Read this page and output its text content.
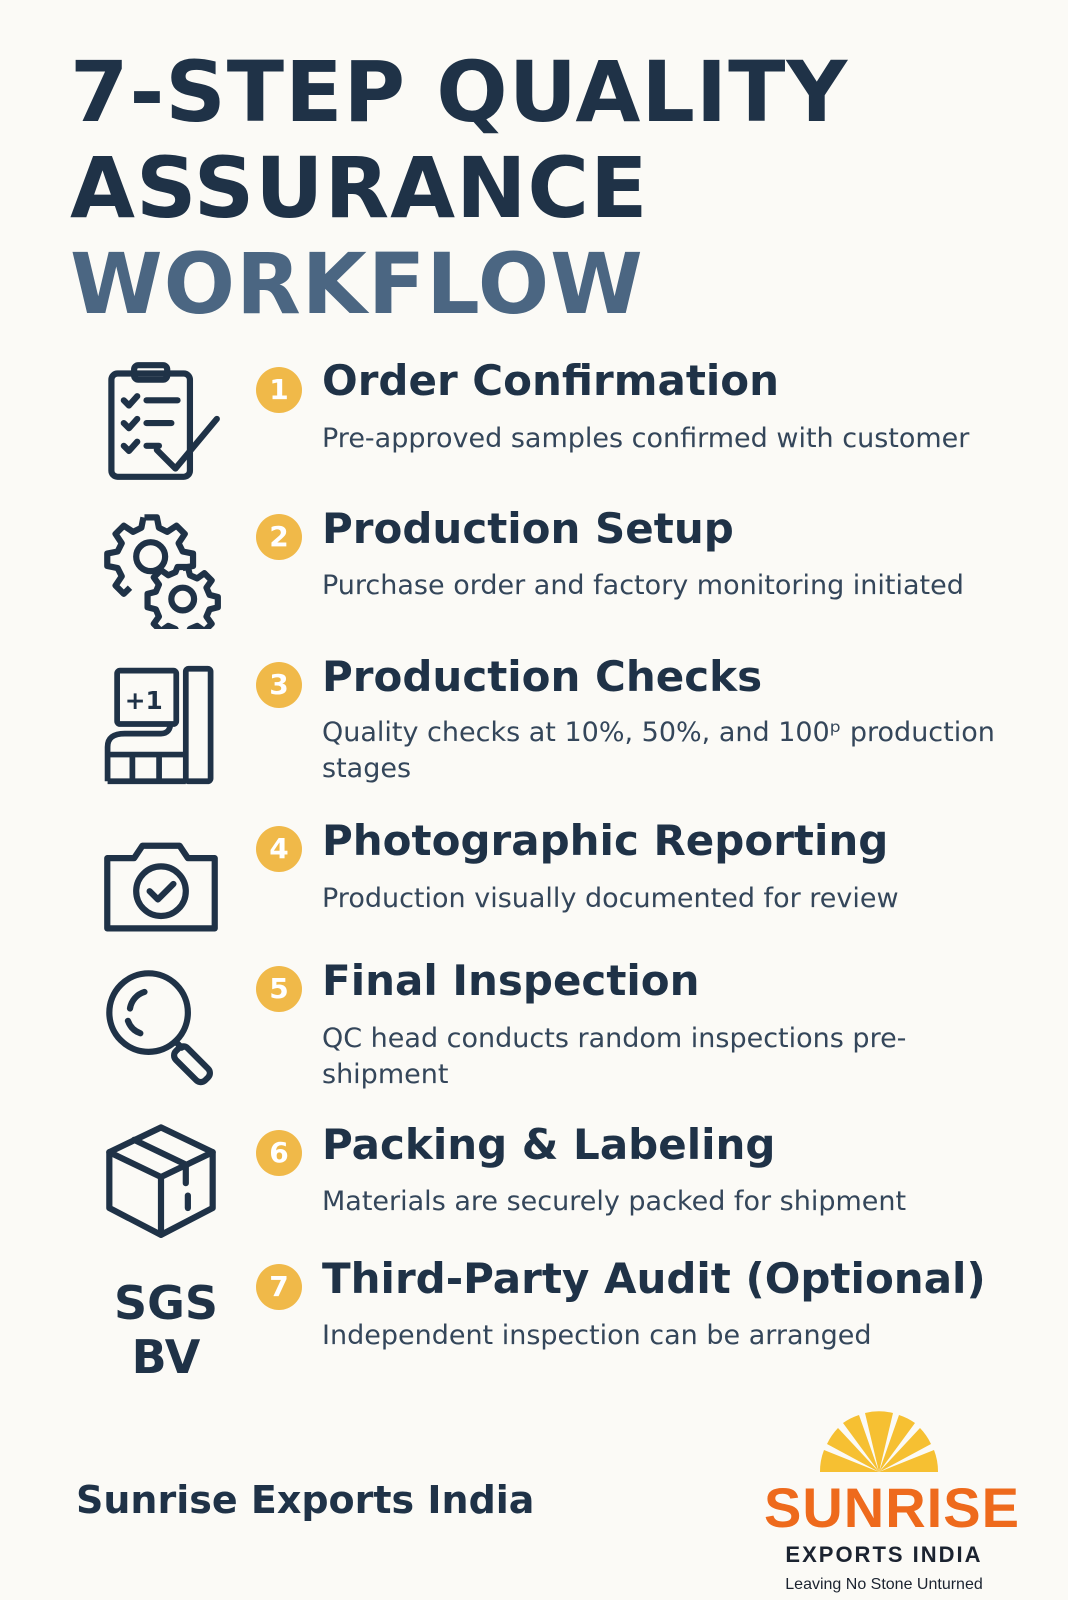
7-STEP QUALITY
ASSURANCE
WORKFLOW
1 Order Confirmation

Pre-approved samples confirmed with customer

2 Production Setup

Purchase order and factory monitoring initiated

+1	3 Production Checks

Quality checks at 10%, 50%, and 100ᵖ production stages

4 Photographic Reporting

Production visually documented for review

5 Final Inspection

QC head conducts random inspections pre-shipment

6 Packing & Labeling

Materials are securely packed for shipment

SGS
BV
7 Third-Party Audit (Optional)

Independent inspection can be arranged

Sunrise Exports India	SUNRISE
EXPORTS INDIA
Leaving No Stone Unturned
